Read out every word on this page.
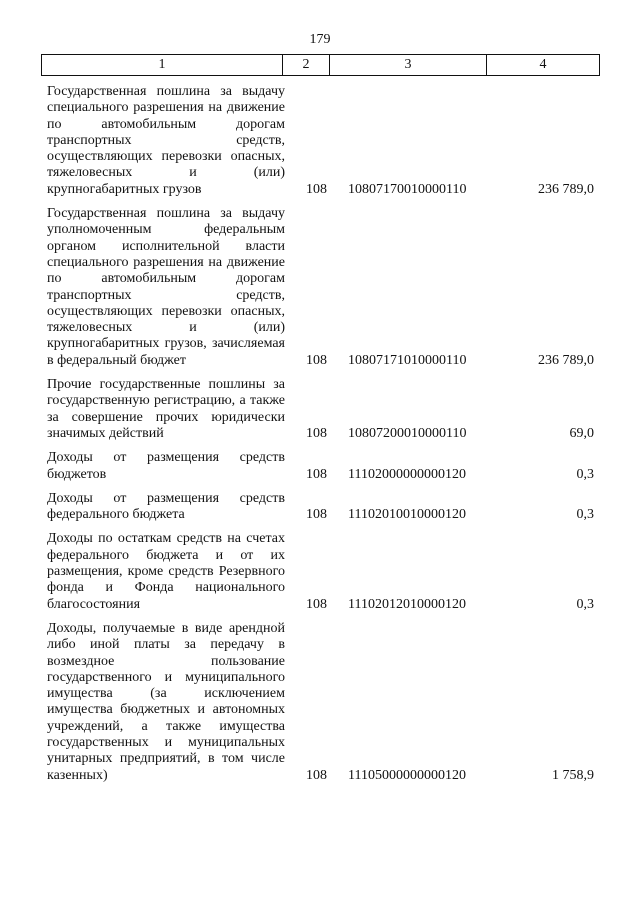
179
1	2	3	4
Государственная пошлина за выдачу специального разрешения на движение по автомобильным дорогам транспортных средств, осуществляющих перевозки опасных, тяжеловесных и (или) крупногабаритных грузов	108	10807170010000110	236 789,0
Государственная пошлина за выдачу уполномоченным федеральным органом исполнительной власти специального разрешения на движение по автомобильным дорогам транспортных средств, осуществляющих перевозки опасных, тяжеловесных и (или) крупногабаритных грузов, зачисляемая в федеральный бюджет	108	10807171010000110	236 789,0
Прочие государственные пошлины за государственную регистрацию, а также за совершение прочих юридически значимых действий	108	10807200010000110	69,0
Доходы от размещения средств бюджетов	108	11102000000000120	0,3
Доходы от размещения средств федерального бюджета	108	11102010010000120	0,3
Доходы по остаткам средств на счетах федерального бюджета и от их размещения, кроме средств Резервного фонда и Фонда национального благосостояния	108	11102012010000120	0,3
Доходы, получаемые в виде арендной либо иной платы за передачу в возмездное пользование государственного и муниципального имущества (за исключением имущества бюджетных и автономных учреждений, а также имущества государственных и муниципальных унитарных предприятий, в том числе казенных)	108	11105000000000120	1 758,9
